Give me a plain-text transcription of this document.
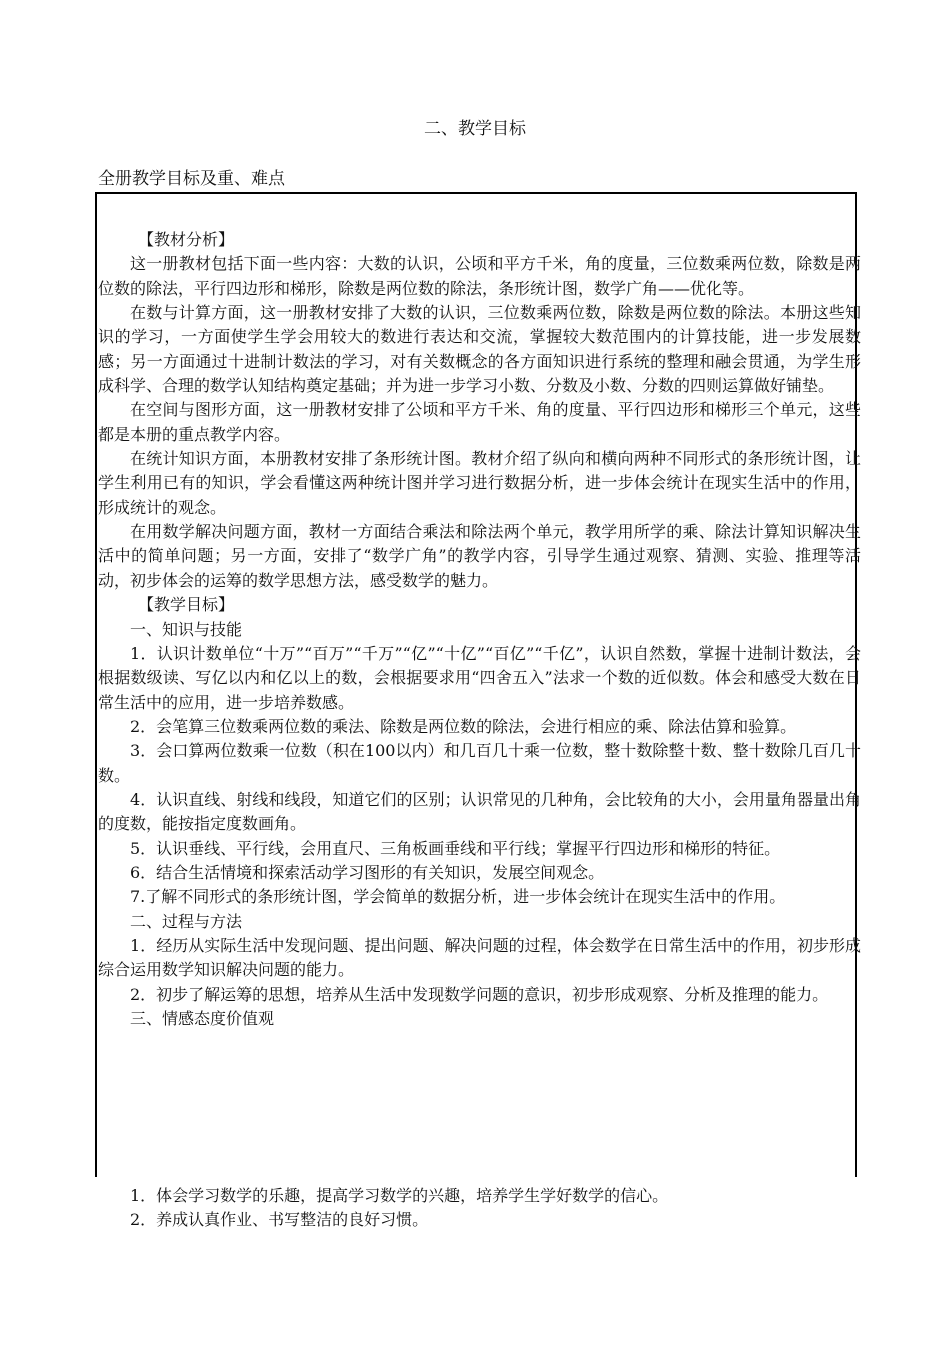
二、教学目标
全册教学目标及重、难点

【教材分析】

这一册教材包括下面一些内容：大数的认识，公顷和平方千米，角的度量，三位数乘两位数，除数是两位数的除法，平行四边形和梯形，除数是两位数的除法，条形统计图，数学广角——优化等。

在数与计算方面，这一册教材安排了大数的认识，三位数乘两位数，除数是两位数的除法。本册这些知识的学习，一方面使学生学会用较大的数进行表达和交流，掌握较大数范围内的计算技能，进一步发展数感；另一方面通过十进制计数法的学习，对有关数概念的各方面知识进行系统的整理和融会贯通，为学生形成科学、合理的数学认知结构奠定基础；并为进一步学习小数、分数及小数、分数的四则运算做好铺垫。

在空间与图形方面，这一册教材安排了公顷和平方千米、角的度量、平行四边形和梯形三个单元，这些都是本册的重点教学内容。

在统计知识方面，本册教材安排了条形统计图。教材介绍了纵向和横向两种不同形式的条形统计图，让学生利用已有的知识，学会看懂这两种统计图并学习进行数据分析，进一步体会统计在现实生活中的作用，形成统计的观念。

在用数学解决问题方面，教材一方面结合乘法和除法两个单元，教学用所学的乘、除法计算知识解决生活中的简单问题；另一方面，安排了“数学广角”的教学内容，引导学生通过观察、猜测、实验、推理等活动，初步体会的运筹的数学思想方法，感受数学的魅力。

【教学目标】

一、知识与技能

1．认识计数单位“十万”“百万”“千万”“亿”“十亿”“百亿”“千亿”，认识自然数，掌握十进制计数法，会根据数级读、写亿以内和亿以上的数，会根据要求用“四舍五入”法求一个数的近似数。体会和感受大数在日常生活中的应用，进一步培养数感。

2．会笔算三位数乘两位数的乘法、除数是两位数的除法，会进行相应的乘、除法估算和验算。

3．会口算两位数乘一位数（积在100以内）和几百几十乘一位数，整十数除整十数、整十数除几百几十数。

4．认识直线、射线和线段，知道它们的区别；认识常见的几种角，会比较角的大小，会用量角器量出角的度数，能按指定度数画角。

5．认识垂线、平行线，会用直尺、三角板画垂线和平行线；掌握平行四边形和梯形的特征。

6．结合生活情境和探索活动学习图形的有关知识，发展空间观念。

7.了解不同形式的条形统计图，学会简单的数据分析，进一步体会统计在现实生活中的作用。

二、过程与方法

1．经历从实际生活中发现问题、提出问题、解决问题的过程，体会数学在日常生活中的作用，初步形成综合运用数学知识解决问题的能力。

2．初步了解运筹的思想，培养从生活中发现数学问题的意识，初步形成观察、分析及推理的能力。

三、情感态度价值观

1．体会学习数学的乐趣，提高学习数学的兴趣，培养学生学好数学的信心。

2．养成认真作业、书写整洁的良好习惯。
